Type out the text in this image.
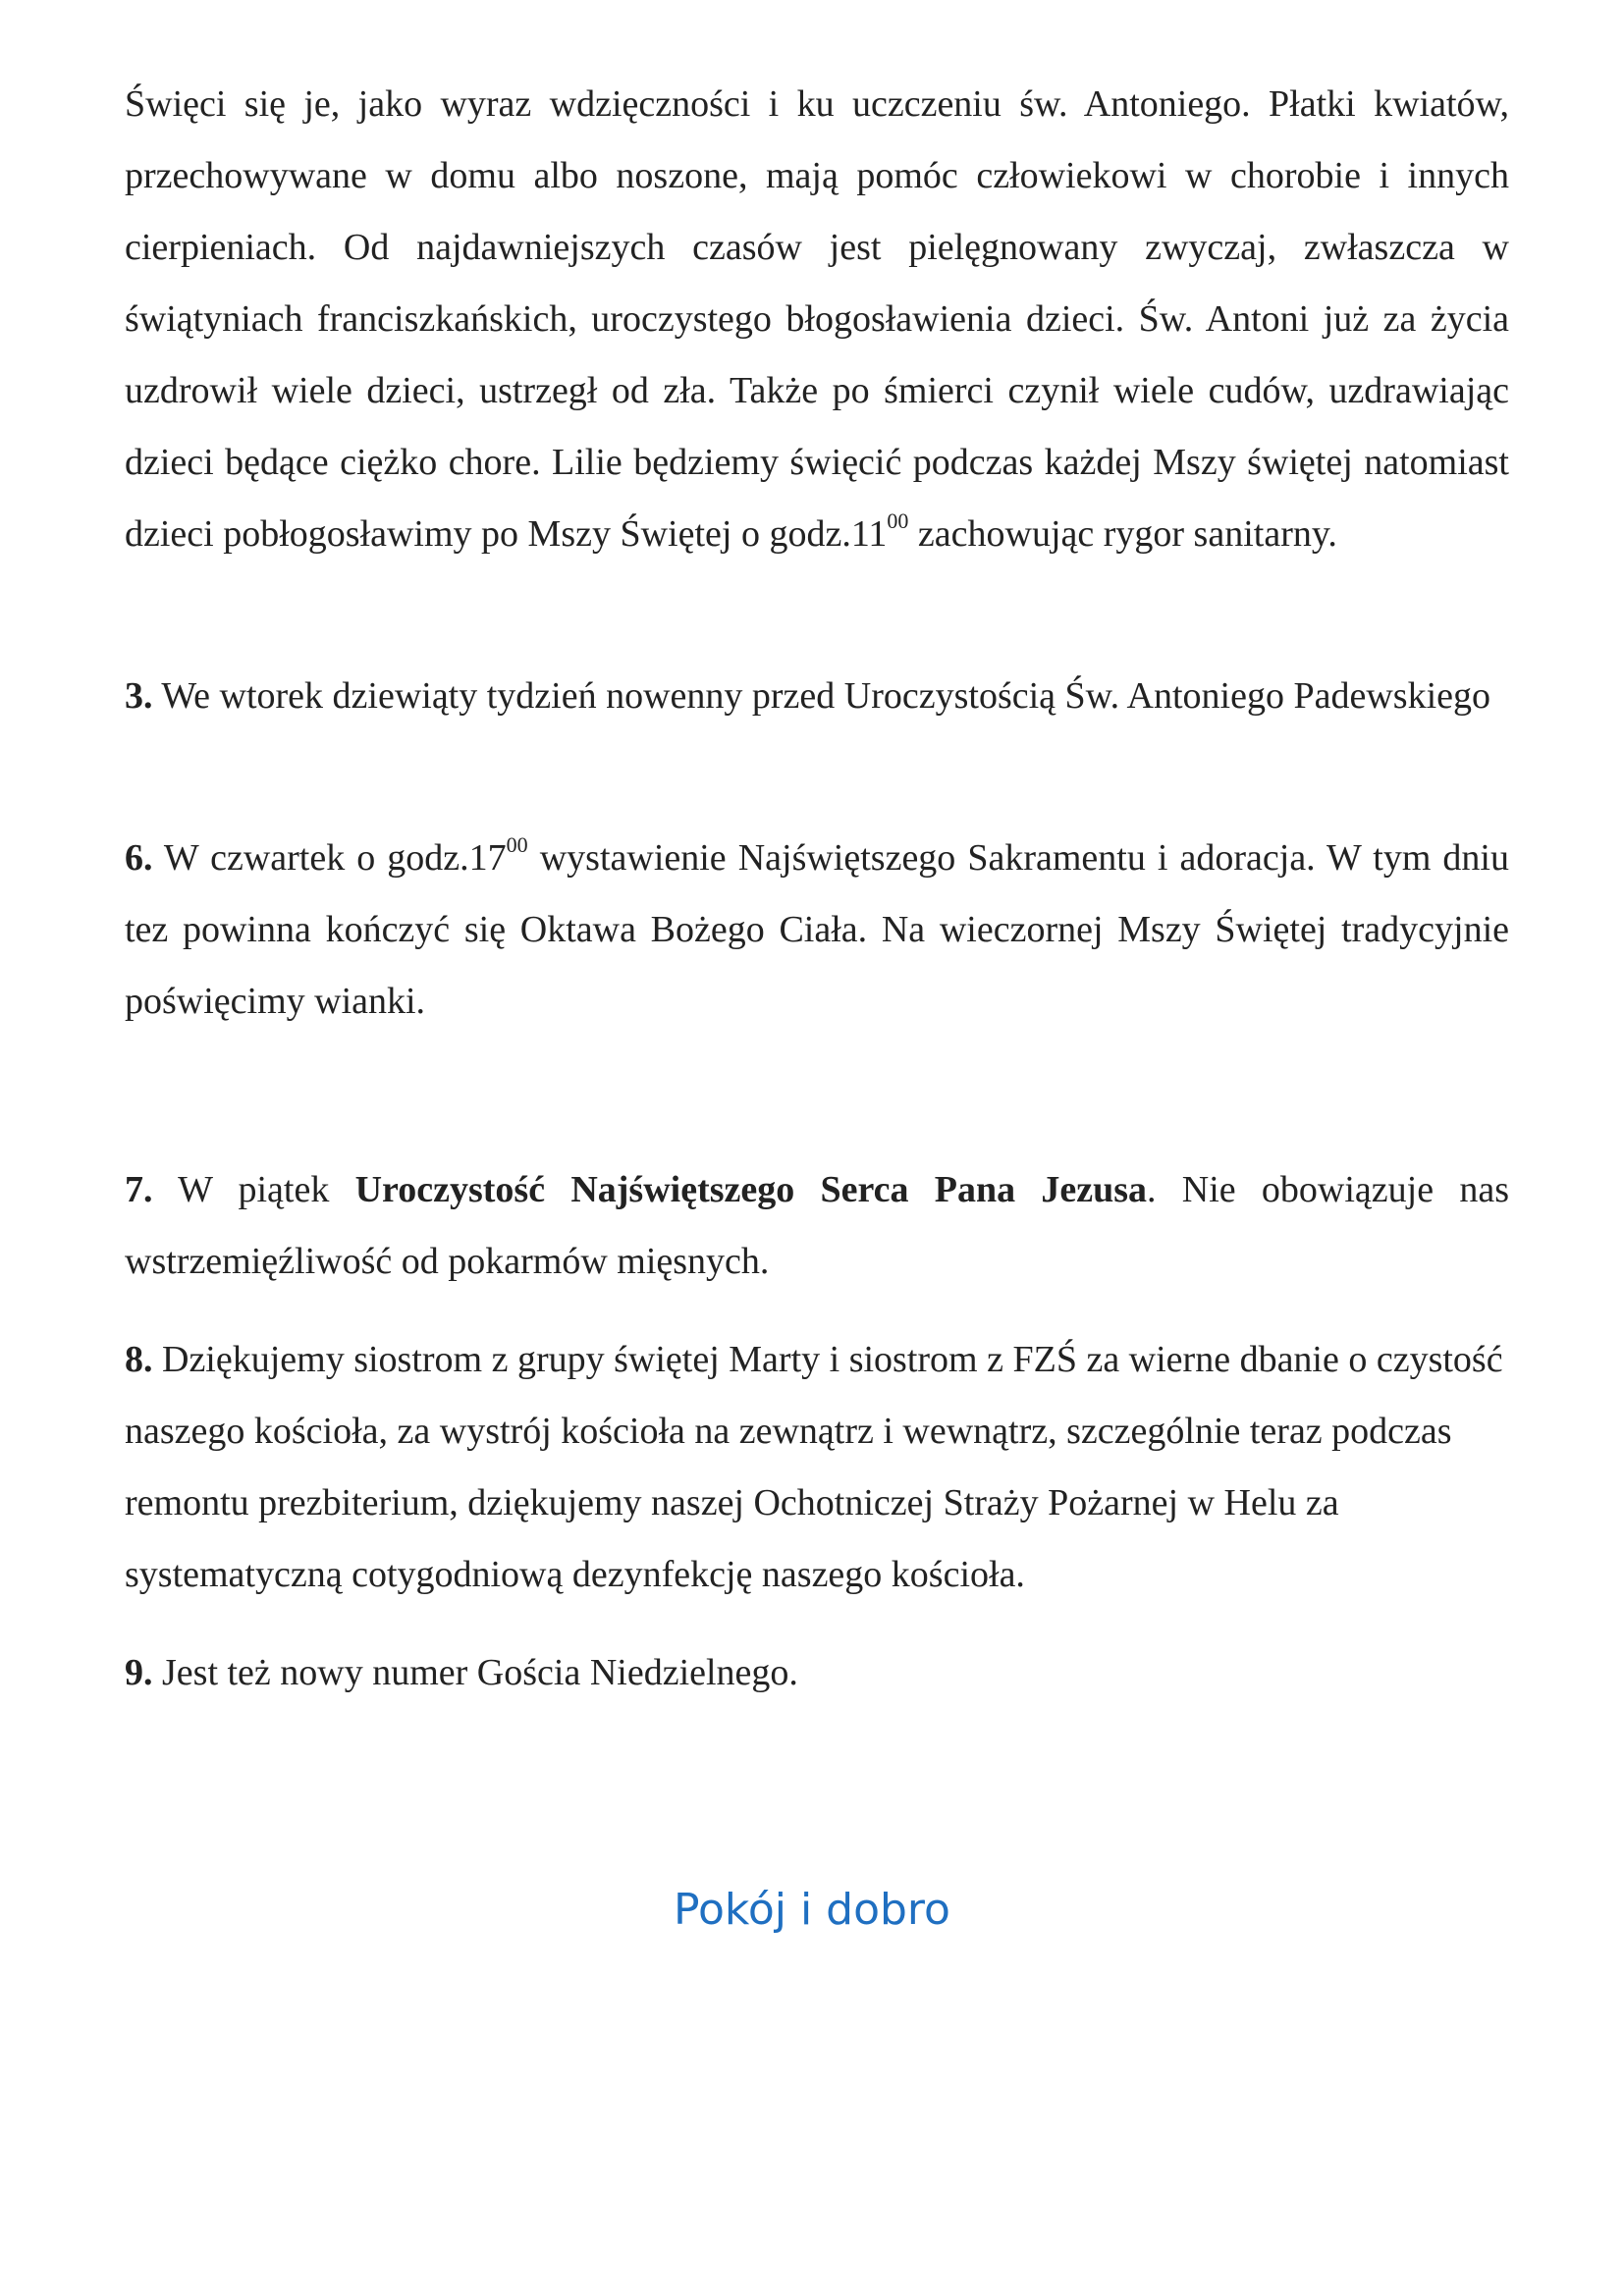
Święci się je, jako wyraz wdzięczności i ku uczczeniu św. Antoniego. Płatki kwiatów, przechowywane w domu albo noszone, mają pomóc człowiekowi w chorobie i innych cierpieniach. Od najdawniejszych czasów jest pielęgnowany zwyczaj, zwłaszcza w świątyniach franciszkańskich, uroczystego błogosławienia dzieci. Św. Antoni już za życia uzdrowił wiele dzieci, ustrzegł od zła. Także po śmierci czynił wiele cudów, uzdrawiając dzieci będące ciężko chore. Lilie będziemy święcić podczas każdej Mszy świętej natomiast dzieci pobłogosławimy po Mszy Świętej o $godz.11^{00}$ zachowując rygor sanitarny.

3. We wtorek dziewiąty tydzień nowenny przed Uroczystością Św. Antoniego Padewskiego

6. W czwartek o $godz.17^{00}$ wystawienie Najświętszego Sakramentu i adoracja. W tym dniu tez powinna kończyć się Oktawa Bożego Ciała. Na wieczornej Mszy Świętej tradycyjnie poświęcimy wianki.

7. W piątek Uroczystość Najświętszego Serca Pana Jezusa. Nie obowiązuje nas wstrzemięźliwość od pokarmów mięsnych.

8. Dziękujemy siostrom z grupy świętej Marty i siostrom z FZŚ za wierne dbanie o czystość naszego kościoła, za wystrój kościoła na zewnątrz i wewnątrz, szczególnie teraz podczas remontu prezbiterium, dziękujemy naszej Ochotniczej Straży Pożarnej w Helu za systematyczną cotygodniową dezynfekcję naszego kościoła.

9. Jest też nowy numer Gościa Niedzielnego.

Pokój i dobro
